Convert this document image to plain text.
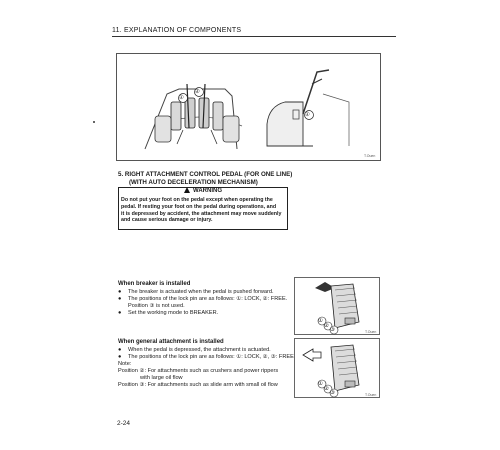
11. EXPLANATION OF COMPONENTS
①
②
①
T.Ouen
5. RIGHT ATTACHMENT CONTROL PEDAL (FOR ONE LINE)
(WITH AUTO DECELERATION MECHANISM)
WARNING
Do not put your foot on the pedal except when operating the
pedal. If resting your foot on the pedal during operations, and
it is depressed by accident, the attachment may move suddenly
and cause serious damage or injury.
When breaker is installed
● The breaker is actuated when the pedal is pushed forward.
● The positions of the lock pin are as follows: ①: LOCK, ②: FREE.
Position ③ is not used.
● Set the working mode to BREAKER.
①
②
③	T.Ouen
When general attachment is installed
● When the pedal is depressed, the attachment is actuated.
● The positions of the lock pin are as follows: ①: LOCK, ②, ③: FREE.
Note:
Position ②: For attachments such as crushers and power rippers
with large oil flow
Position ③: For attachments such as slide arm with small oil flow	①
②
③	T.Ouen
2-24
